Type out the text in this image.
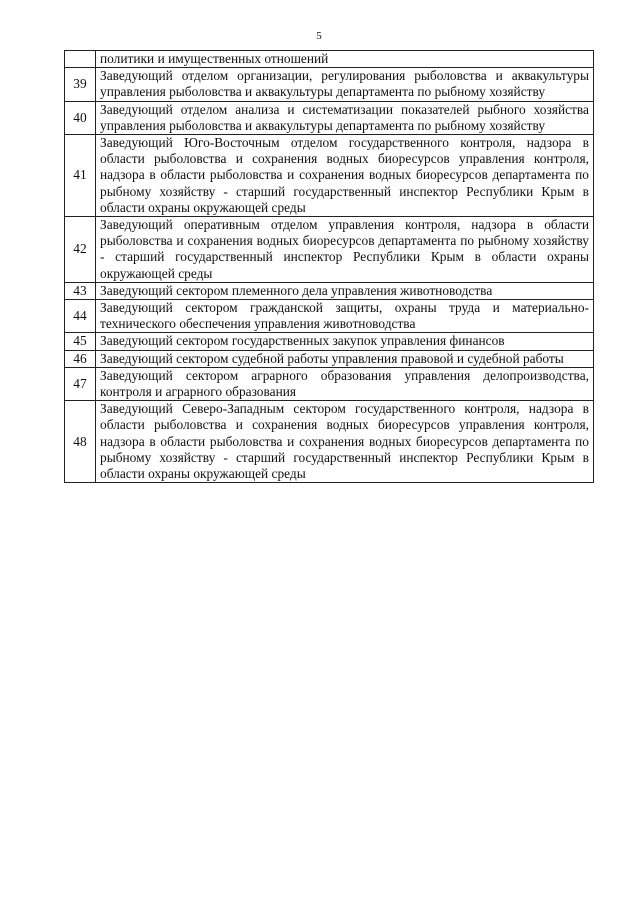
5
	политики и имущественных отношений
39	Заведующий отделом организации, регулирования рыболовства и аквакультуры управления рыболовства и аквакультуры департамента по рыбному хозяйству
40	Заведующий отделом анализа и систематизации показателей рыбного хозяйства управления рыболовства и аквакультуры департамента по рыбному хозяйству
41	Заведующий Юго-Восточным отделом государственного контроля, надзора в области рыболовства и сохранения водных биоресурсов управления контроля, надзора в области рыболовства и сохранения водных биоресурсов департамента по рыбному хозяйству - старший государственный инспектор Республики Крым в области охраны окружающей среды
42	Заведующий оперативным отделом управления контроля, надзора в области рыболовства и сохранения водных биоресурсов департамента по рыбному хозяйству - старший государственный инспектор Республики Крым в области охраны окружающей среды
43	Заведующий сектором племенного дела управления животноводства
44	Заведующий сектором гражданской защиты, охраны труда и материально-технического обеспечения управления животноводства
45	Заведующий сектором государственных закупок управления финансов
46	Заведующий сектором судебной работы управления правовой и судебной работы
47	Заведующий сектором аграрного образования управления делопроизводства, контроля и аграрного образования
48	Заведующий Северо-Западным сектором государственного контроля, надзора в области рыболовства и сохранения водных биоресурсов управления контроля, надзора в области рыболовства и сохранения водных биоресурсов департамента по рыбному хозяйству - старший государственный инспектор Республики Крым в области охраны окружающей среды
